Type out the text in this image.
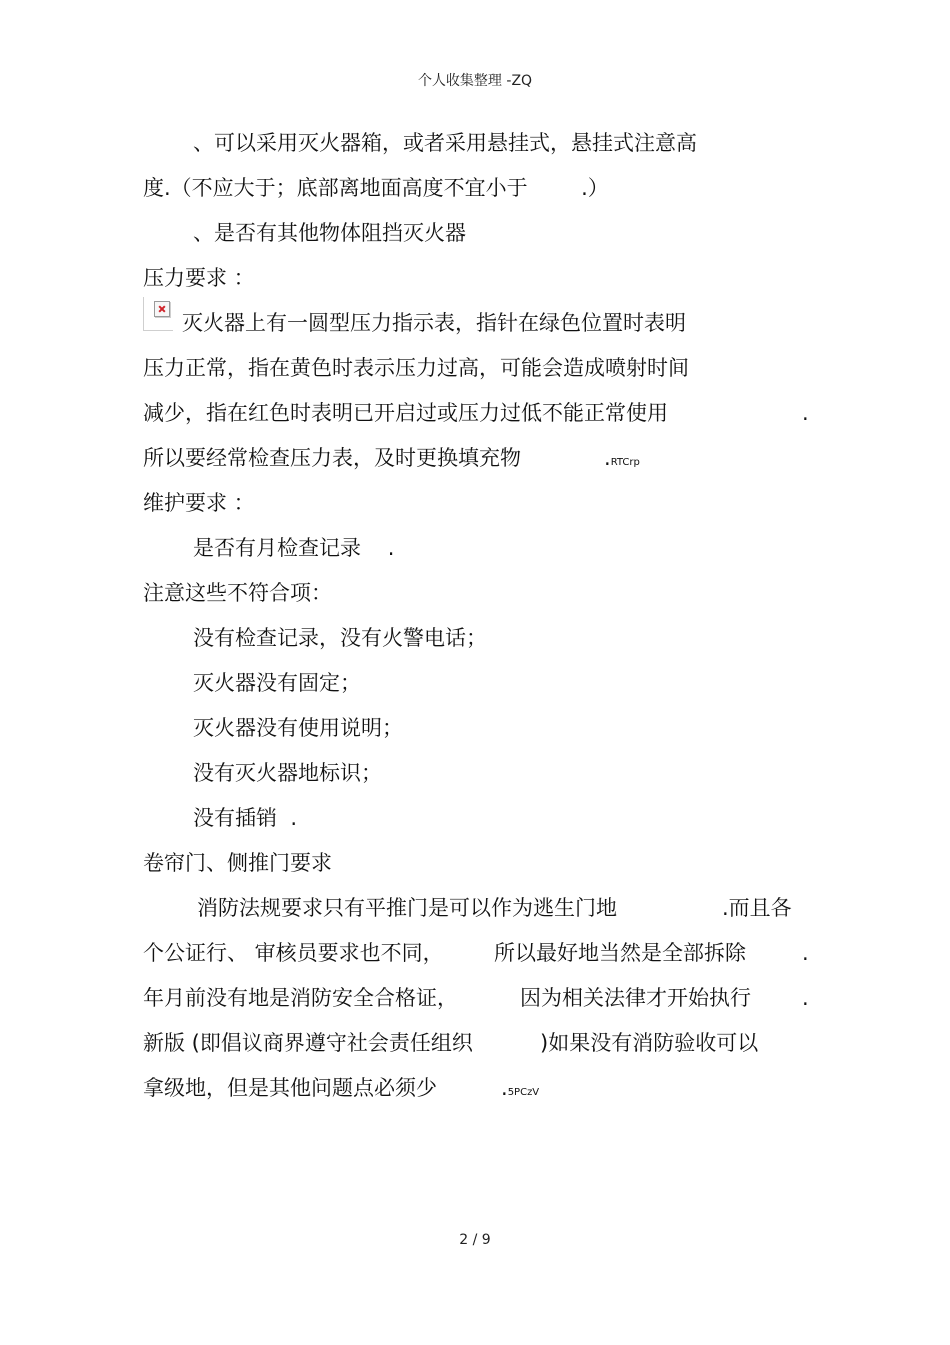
个人收集整理 -ZQ
、可以采用灭火器箱，或者采用悬挂式，悬挂式注意高
度.（不应大于；底部离地面高度不宜小于        .）
、是否有其他物体阻挡灭火器
压力要求 ：
灭火器上有一圆型压力指示表，指针在绿色位置时表明
压力正常，指在黄色时表示压力过高，可能会造成喷射时间
减少，指在红色时表明已开启过或压力过低不能正常使用	.
所以要经常检查压力表，及时更换填充物	.RTCrp
维护要求 ：
是否有月检查记录    .
注意这些不符合项：
没有检查记录，没有火警电话；
灭火器没有固定；
灭火器没有使用说明；
没有灭火器地标识；
没有插销  .
卷帘门、侧推门要求
消防法规要求只有平推门是可以作为逃生门地	.而且各
个公证行、 审核员要求也不同， 所以最好地当然是全部拆除	.
年月前没有地是消防安全合格证，	因为相关法律才开始执行 .
新版 (即倡议商界遵守社会责任组织	)如果没有消防验收可以
拿级地，但是其他问题点必须少	.5PCzV
2 / 9
